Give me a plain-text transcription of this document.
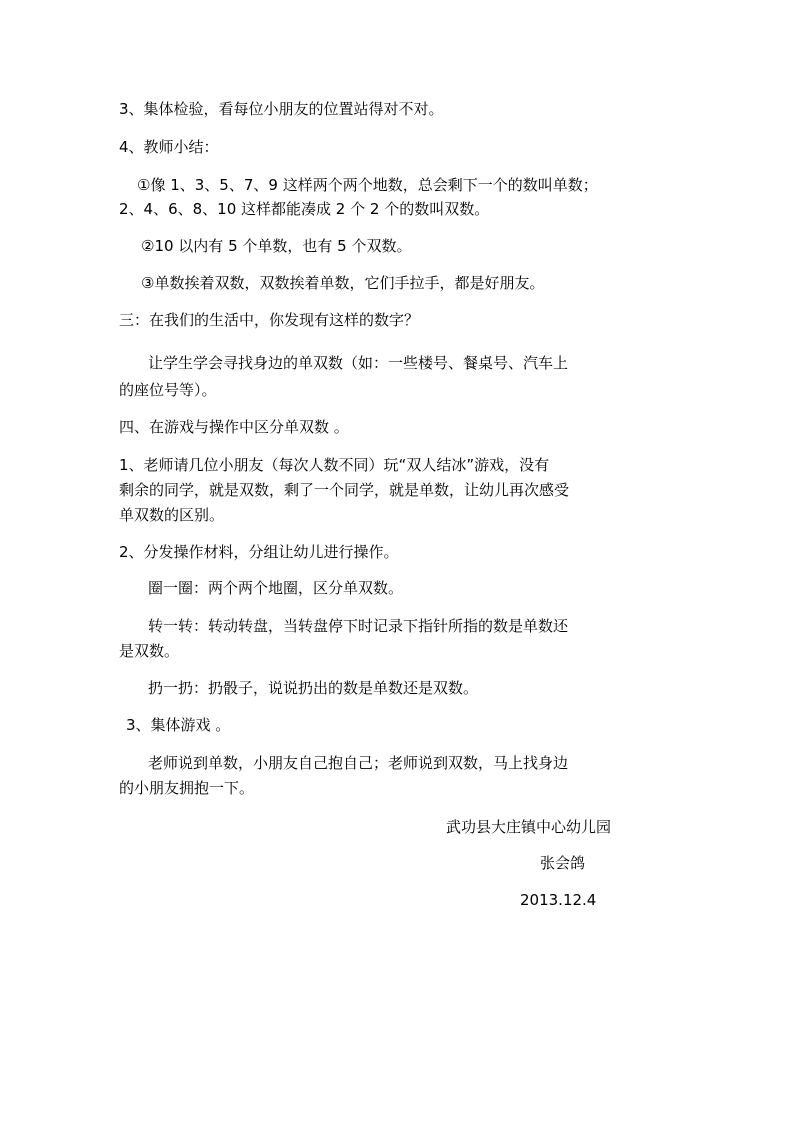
3、集体检验，看每位小朋友的位置站得对不对。
4、教师小结：
①像 1、3、5、7、9 这样两个两个地数，总会剩下一个的数叫单数；
2、4、6、8、10 这样都能凑成 2 个 2 个的数叫双数。
②10 以内有 5 个单数，也有 5 个双数。
③单数挨着双数，双数挨着单数，它们手拉手，都是好朋友。
三：在我们的生活中，你发现有这样的数字？
让学生学会寻找身边的单双数（如：一些楼号、餐桌号、汽车上
的座位号等）。
四、在游戏与操作中区分单双数 。
1、老师请几位小朋友（每次人数不同）玩“双人结冰”游戏，没有
剩余的同学，就是双数，剩了一个同学，就是单数，让幼儿再次感受
单双数的区别。
2、分发操作材料，分组让幼儿进行操作。
圈一圈：两个两个地圈，区分单双数。
转一转：转动转盘，当转盘停下时记录下指针所指的数是单数还
是双数。
扔一扔：扔骰子，说说扔出的数是单数还是双数。
3、集体游戏 。
老师说到单数，小朋友自己抱自己；老师说到双数，马上找身边
的小朋友拥抱一下。
武功县大庄镇中心幼儿园
张会鸽
2013.12.4
